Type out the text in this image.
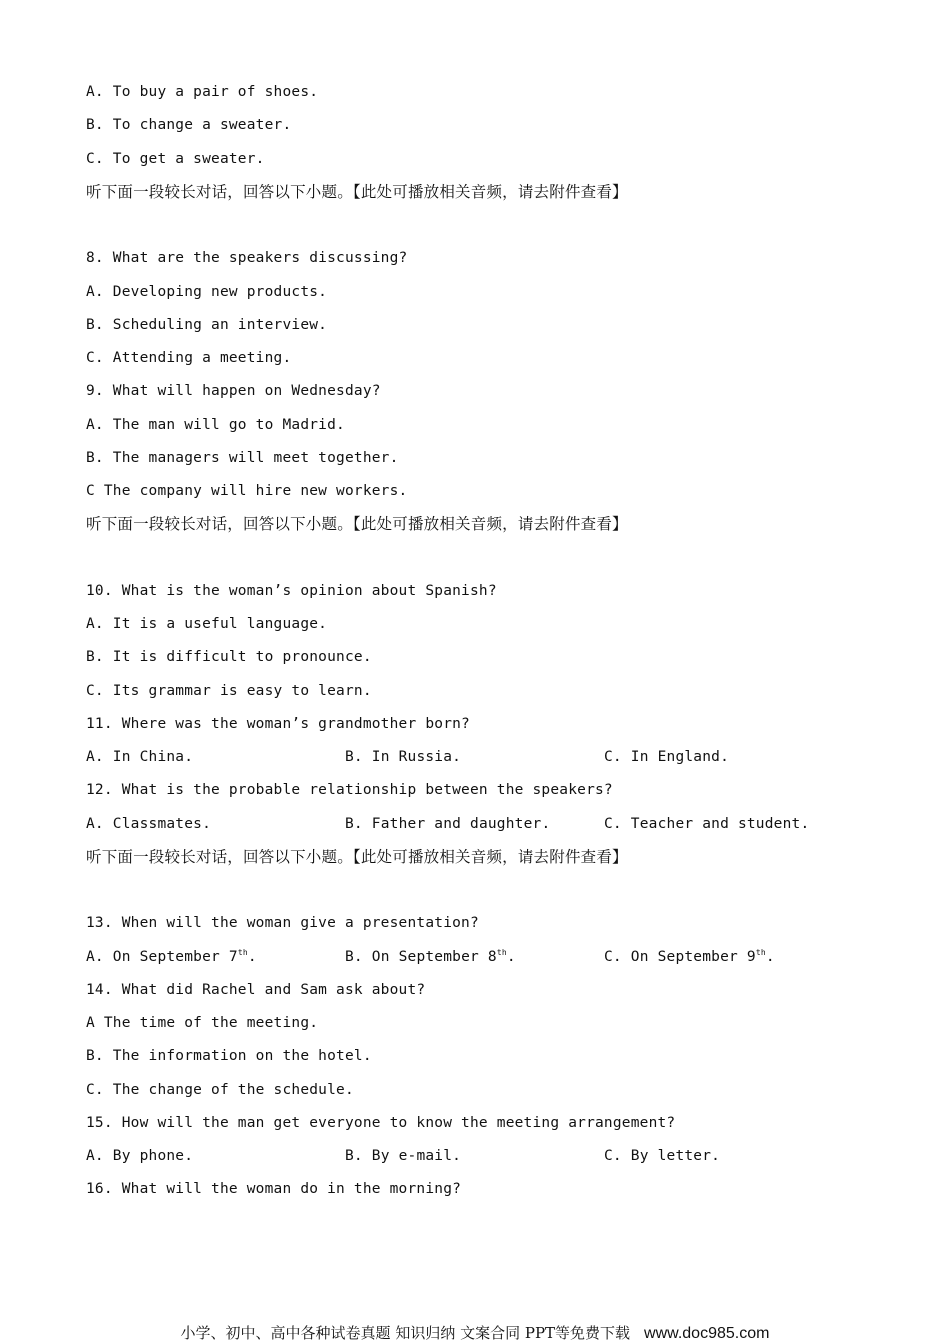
A. To buy a pair of shoes.
B. To change a sweater.
C. To get a sweater.
听下面一段较长对话，回答以下小题。【此处可播放相关音频，请去附件查看】
8. What are the speakers discussing?
A. Developing new products.
B. Scheduling an interview.
C. Attending a meeting.
9. What will happen on Wednesday?
A. The man will go to Madrid.
B. The managers will meet together.
C The company will hire new workers.
听下面一段较长对话，回答以下小题。【此处可播放相关音频，请去附件查看】
10. What is the woman’s opinion about Spanish?
A. It is a useful language.
B. It is difficult to pronounce.
C. Its grammar is easy to learn.
11. Where was the woman’s grandmother born?
A. In China.	B. In Russia.	C. In England.
12. What is the probable relationship between the speakers?
A. Classmates.	B. Father and daughter.	C. Teacher and student.
听下面一段较长对话，回答以下小题。【此处可播放相关音频，请去附件查看】
13. When will the woman give a presentation?
A. On September 7th.	B. On September 8th.	C. On September 9th.
14. What did Rachel and Sam ask about?
A The time of the meeting.
B. The information on the hotel.
C. The change of the schedule.
15. How will the man get everyone to know the meeting arrangement?
A. By phone.	B. By e-mail.	C. By letter.
16. What will the woman do in the morning?
小学、初中、高中各种试卷真题 知识归纳 文案合同 PPT等免费下载 www.doc985.com
